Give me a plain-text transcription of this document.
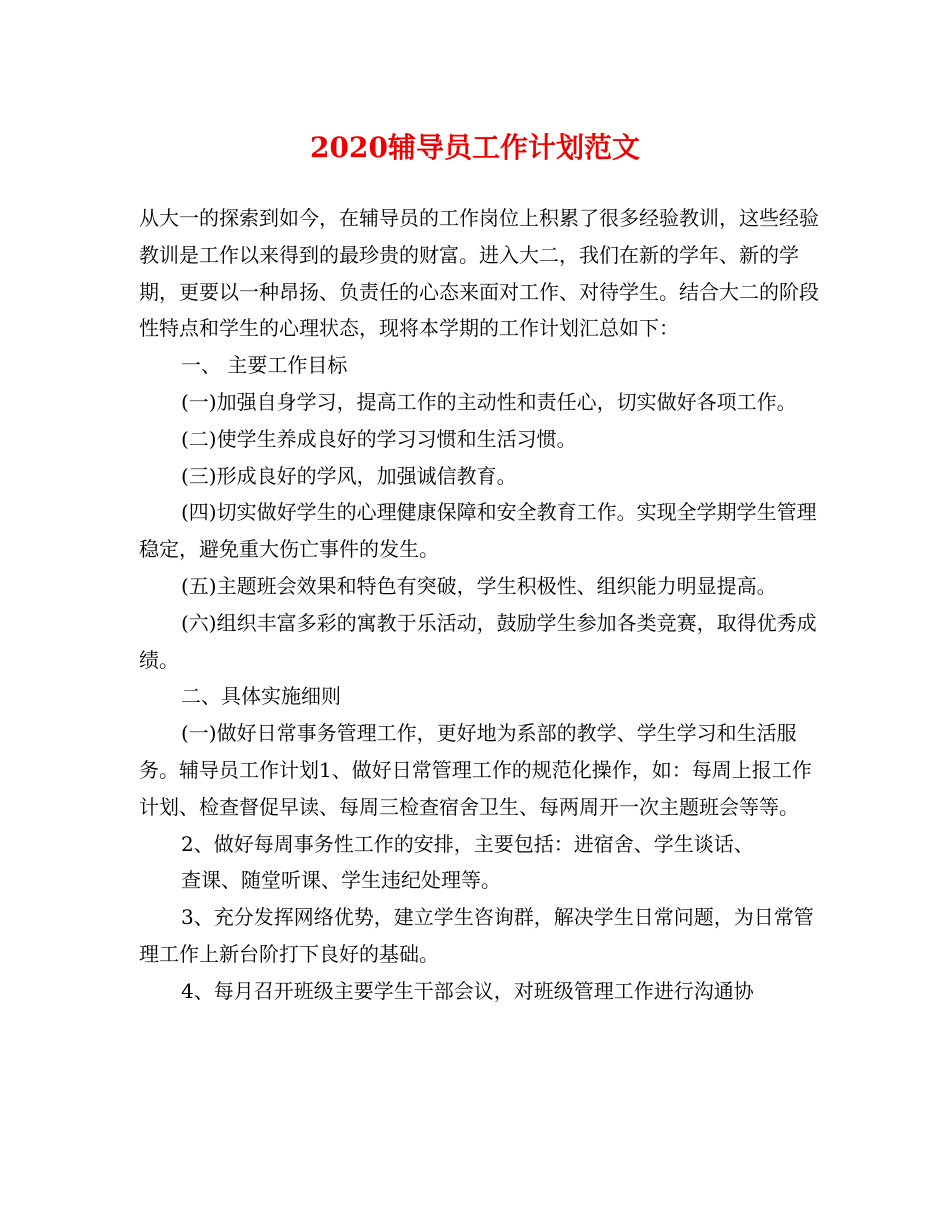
2020辅导员工作计划范文

从大一的探索到如今，在辅导员的工作岗位上积累了很多经验教训，这些经验教训是工作以来得到的最珍贵的财富。进入大二，我们在新的学年、新的学期，更要以一种昂扬、负责任的心态来面对工作、对待学生。结合大二的阶段性特点和学生的心理状态，现将本学期的工作计划汇总如下：

一、 主要工作目标

(一)加强自身学习，提高工作的主动性和责任心，切实做好各项工作。

(二)使学生养成良好的学习习惯和生活习惯。

(三)形成良好的学风，加强诚信教育。

(四)切实做好学生的心理健康保障和安全教育工作。实现全学期学生管理稳定，避免重大伤亡事件的发生。

(五)主题班会效果和特色有突破，学生积极性、组织能力明显提高。

(六)组织丰富多彩的寓教于乐活动，鼓励学生参加各类竞赛，取得优秀成绩。

二、具体实施细则

(一)做好日常事务管理工作，更好地为系部的教学、学生学习和生活服务。辅导员工作计划1、做好日常管理工作的规范化操作，如：每周上报工作计划、检查督促早读、每周三检查宿舍卫生、每两周开一次主题班会等等。

2、做好每周事务性工作的安排，主要包括：进宿舍、学生谈话、

查课、随堂听课、学生违纪处理等。

3、充分发挥网络优势，建立学生咨询群，解决学生日常问题，为日常管理工作上新台阶打下良好的基础。

4、每月召开班级主要学生干部会议，对班级管理工作进行沟通协
